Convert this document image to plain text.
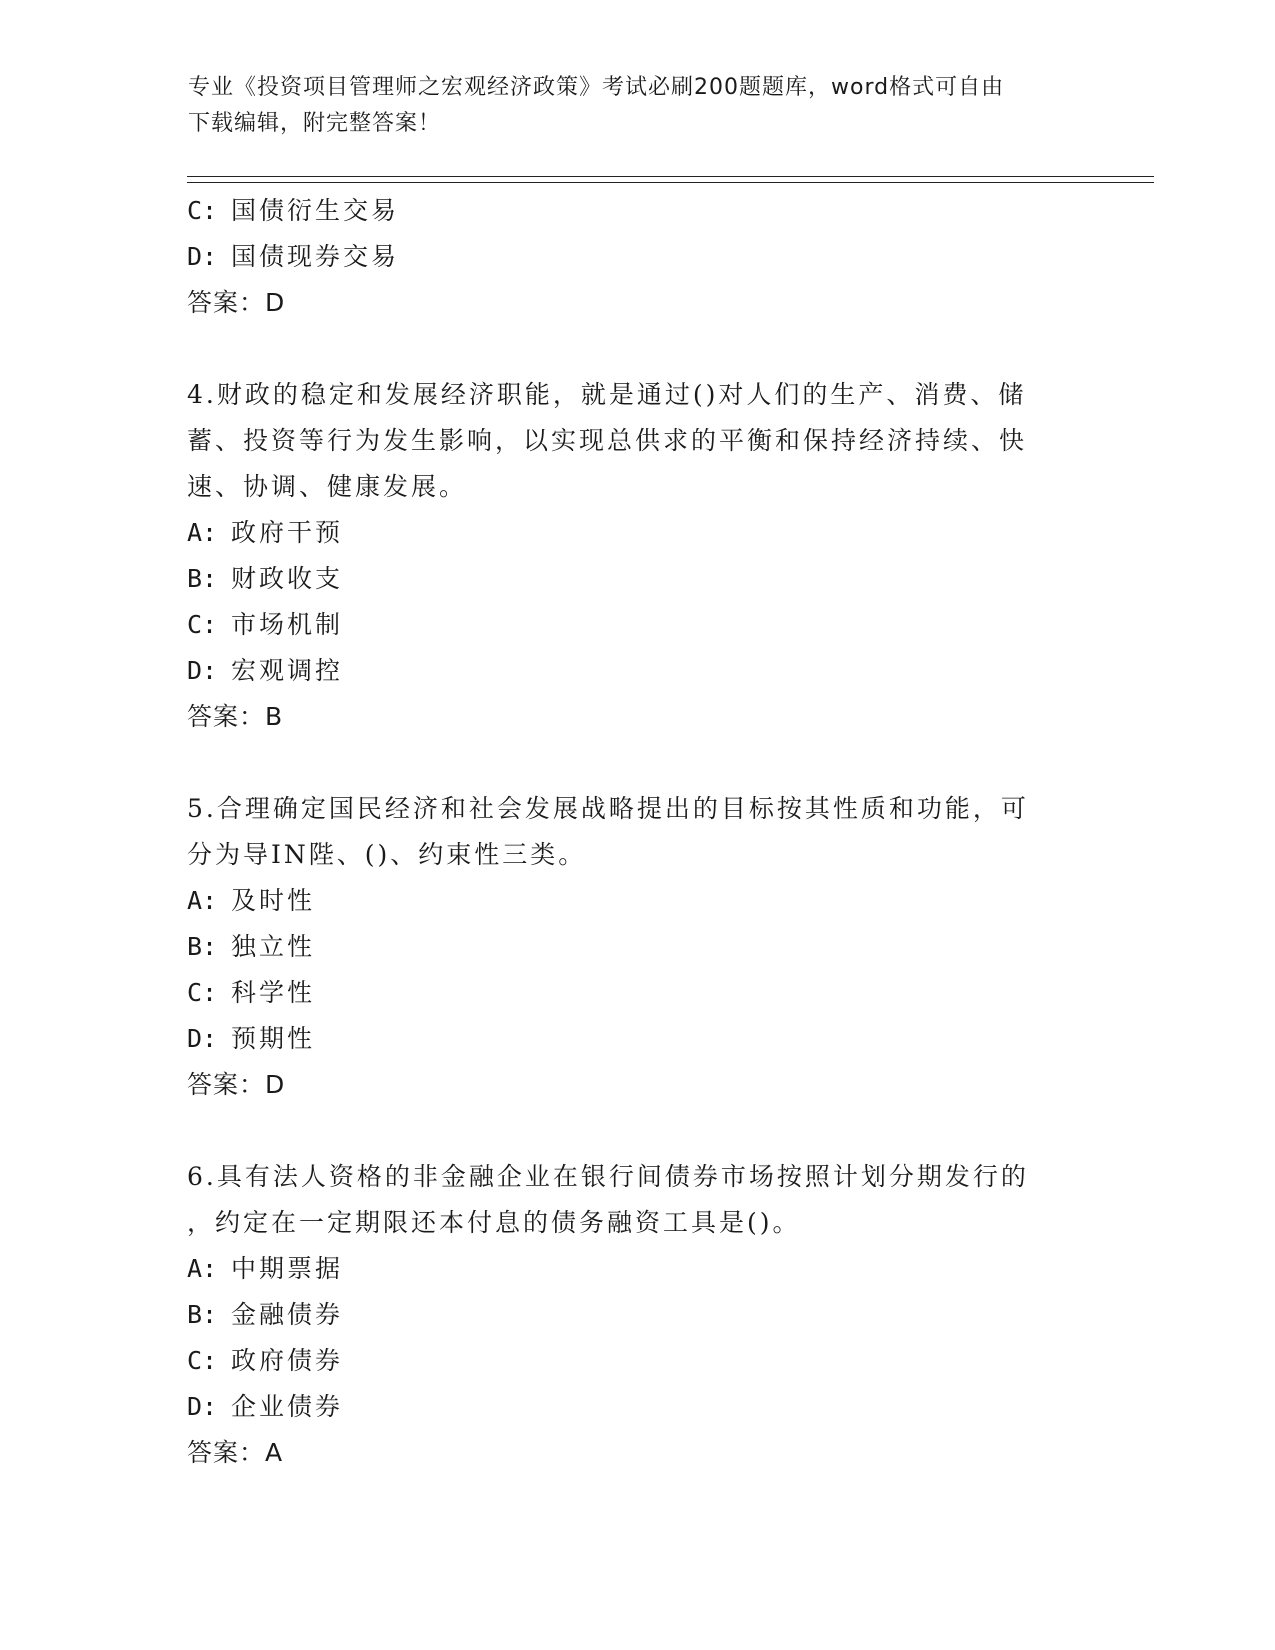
专业《投资项目管理师之宏观经济政策》考试必刷200题题库，word格式可自由
下载编辑，附完整答案！
C: 国债衍生交易
D: 国债现券交易
答案：D
4.财政的稳定和发展经济职能，就是通过()对人们的生产、消费、储
蓄、投资等行为发生影响，以实现总供求的平衡和保持经济持续、快
速、协调、健康发展。
A: 政府干预
B: 财政收支
C: 市场机制
D: 宏观调控
答案：B
5.合理确定国民经济和社会发展战略提出的目标按其性质和功能，可
分为导IN陛、()、约束性三类。
A: 及时性
B: 独立性
C: 科学性
D: 预期性
答案：D
6.具有法人资格的非金融企业在银行间债券市场按照计划分期发行的
，约定在一定期限还本付息的债务融资工具是()。
A: 中期票据
B: 金融债券
C: 政府债券
D: 企业债券
答案：A
